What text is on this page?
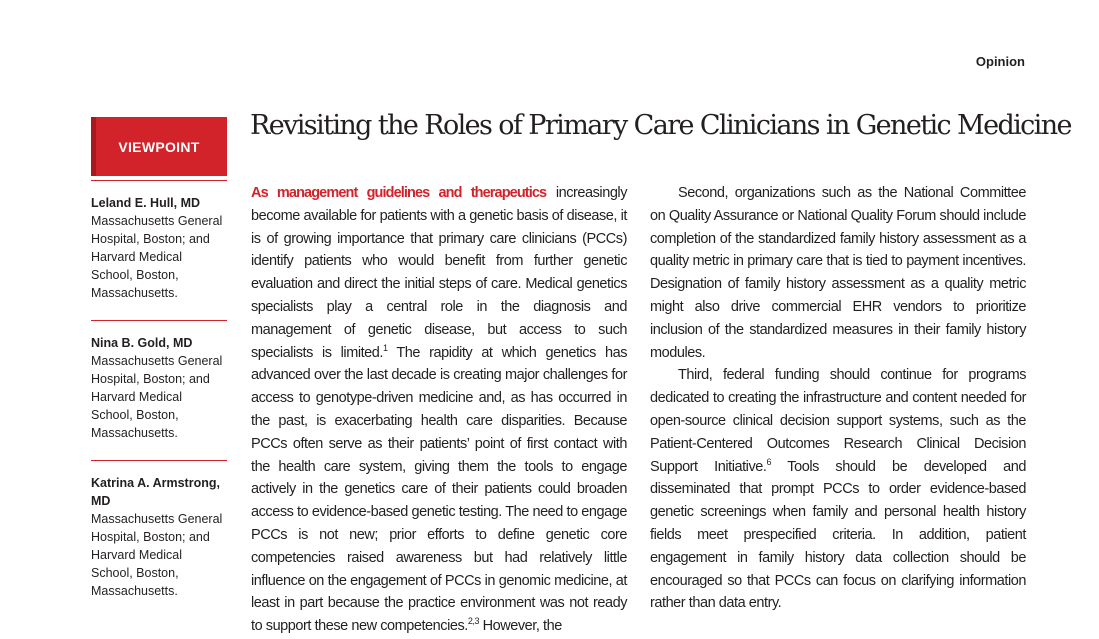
Opinion
VIEWPOINT
Revisiting the Roles of Primary Care Clinicians in Genetic Medicine
Leland E. Hull, MD
Massachusetts General Hospital, Boston; and Harvard Medical School, Boston, Massachusetts.
Nina B. Gold, MD
Massachusetts General Hospital, Boston; and Harvard Medical School, Boston, Massachusetts.
Katrina A. Armstrong, MD
Massachusetts General Hospital, Boston; and Harvard Medical School, Boston, Massachusetts.

As management guidelines and therapeutics increasingly become available for patients with a genetic basis of disease, it is of growing importance that primary care clinicians (PCCs) identify patients who would benefit from further genetic evaluation and direct the initial steps of care. Medical genetics specialists play a central role in the diagnosis and management of genetic disease, but access to such specialists is limited.$^1$ The rapidity at which genetics has advanced over the last decade is creating major challenges for access to genotype-driven medicine and, as has occurred in the past, is exacerbating health care disparities. Because PCCs often serve as their patients’ point of first contact with the health care system, giving them the tools to engage actively in the genetics care of their patients could broaden access to evidence-based genetic testing. The need to engage PCCs is not new; prior efforts to define genetic core competencies raised awareness but had relatively little influence on the engagement of PCCs in genomic medicine, at least in part because the practice environment was not ready to support these new competencies.$^{2,3}$ However, the

Second, organizations such as the National Committee on Quality Assurance or National Quality Forum should include completion of the standardized family history assessment as a quality metric in primary care that is tied to payment incentives. Designation of family history assessment as a quality metric might also drive commercial EHR vendors to prioritize inclusion of the standardized measures in their family history modules.

Third, federal funding should continue for programs dedicated to creating the infrastructure and content needed for open-source clinical decision support systems, such as the Patient-Centered Outcomes Research Clinical Decision Support Initiative.$^6$ Tools should be developed and disseminated that prompt PCCs to order evidence-based genetic screenings when family and personal health history fields meet prespecified criteria. In addition, patient engagement in family history data collection should be encouraged so that PCCs can focus on clarifying information rather than data entry.
